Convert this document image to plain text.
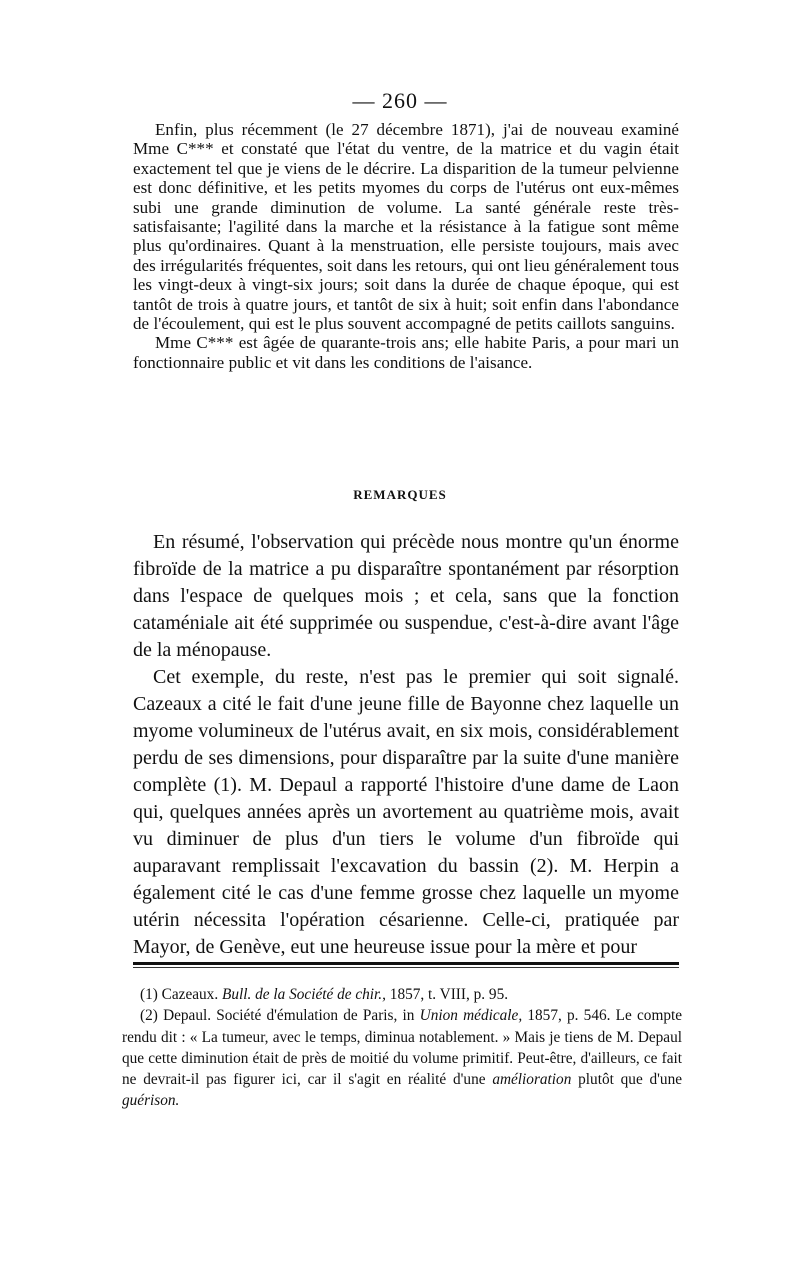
— 260 —

Enfin, plus récemment (le 27 décembre 1871), j'ai de nouveau examiné Mme C*** et constaté que l'état du ventre, de la matrice et du vagin était exactement tel que je viens de le décrire. La disparition de la tumeur pelvienne est donc définitive, et les petits myomes du corps de l'utérus ont eux-mêmes subi une grande diminution de volume. La santé générale reste très-satisfaisante; l'agilité dans la marche et la résistance à la fatigue sont même plus qu'ordinaires. Quant à la menstruation, elle persiste toujours, mais avec des irrégularités fréquentes, soit dans les retours, qui ont lieu généralement tous les vingt-deux à vingt-six jours; soit dans la durée de chaque époque, qui est tantôt de trois à quatre jours, et tantôt de six à huit; soit enfin dans l'abondance de l'écoulement, qui est le plus souvent accompagné de petits caillots sanguins.

Mme C*** est âgée de quarante-trois ans; elle habite Paris, a pour mari un fonctionnaire public et vit dans les conditions de l'aisance.

REMARQUES

En résumé, l'observation qui précède nous montre qu'un énorme fibroïde de la matrice a pu disparaître spontanément par résorption dans l'espace de quelques mois ; et cela, sans que la fonction cataméniale ait été supprimée ou suspendue, c'est-à-dire avant l'âge de la ménopause.

Cet exemple, du reste, n'est pas le premier qui soit signalé. Cazeaux a cité le fait d'une jeune fille de Bayonne chez laquelle un myome volumineux de l'utérus avait, en six mois, considérablement perdu de ses dimensions, pour disparaître par la suite d'une manière complète (1). M. Depaul a rapporté l'histoire d'une dame de Laon qui, quelques années après un avortement au quatrième mois, avait vu diminuer de plus d'un tiers le volume d'un fibroïde qui auparavant remplissait l'excavation du bassin (2). M. Herpin a également cité le cas d'une femme grosse chez laquelle un myome utérin nécessita l'opération césarienne. Celle-ci, pratiquée par Mayor, de Genève, eut une heureuse issue pour la mère et pour

(1) Cazeaux. Bull. de la Société de chir., 1857, t. VIII, p. 95.

(2) Depaul. Société d'émulation de Paris, in Union médicale, 1857, p. 546. Le compte rendu dit : « La tumeur, avec le temps, diminua notablement. » Mais je tiens de M. Depaul que cette diminution était de près de moitié du volume primitif. Peut-être, d'ailleurs, ce fait ne devrait-il pas figurer ici, car il s'agit en réalité d'une amélioration plutôt que d'une guérison.
